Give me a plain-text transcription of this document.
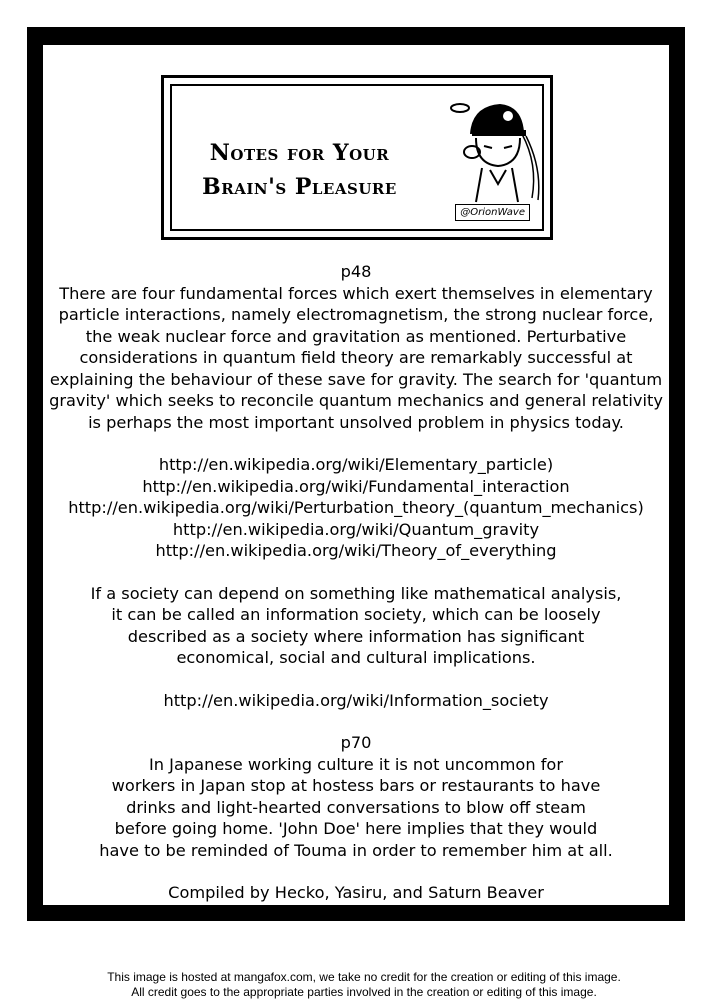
Notes for Your
Brain's Pleasure
@OrionWave

p48

There are four fundamental forces which exert themselves in elementary

particle interactions, namely electromagnetism, the strong nuclear force,

the weak nuclear force and gravitation as mentioned. Perturbative

considerations in quantum field theory are remarkably successful at

explaining the behaviour of these save for gravity. The search for 'quantum

gravity' which seeks to reconcile quantum mechanics and general relativity

is perhaps the most important unsolved problem in physics today.

http://en.wikipedia.org/wiki/Elementary_particle)

http://en.wikipedia.org/wiki/Fundamental_interaction

http://en.wikipedia.org/wiki/Perturbation_theory_(quantum_mechanics)

http://en.wikipedia.org/wiki/Quantum_gravity

http://en.wikipedia.org/wiki/Theory_of_everything

If a society can depend on something like mathematical analysis,

it can be called an information society, which can be loosely

described as a society where information has significant

economical, social and cultural implications.

http://en.wikipedia.org/wiki/Information_society

p70

In Japanese working culture it is not uncommon for

workers in Japan stop at hostess bars or restaurants to have

drinks and light-hearted conversations to blow off steam

before going home. 'John Doe' here implies that they would

have to be reminded of Touma in order to remember him at all.

Compiled by Hecko, Yasiru, and Saturn Beaver

This image is hosted at mangafox.com, we take no credit for the creation or editing of this image.
All credit goes to the appropriate parties involved in the creation or editing of this image.
